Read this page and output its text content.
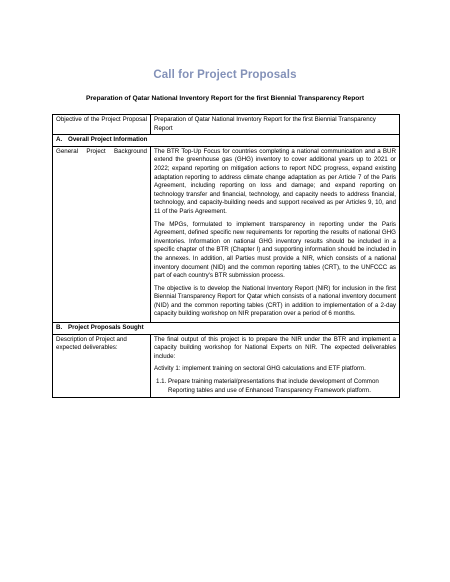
Call for Project Proposals
Preparation of Qatar National Inventory Report for the first Biennial Transparency Report
Objective of the Project Proposal	Preparation of Qatar National Inventory Report for the first Biennial Transparency Report

A. Overall Project Information	

General Project Background	The BTR Top-Up Focus for countries completing a national communication and a BUR extend the greenhouse gas (GHG) inventory to cover additional years up to 2021 or 2022; expand reporting on mitigation actions to report NDC progress, expand existing adaptation reporting to address climate change adaptation as per Article 7 of the Paris Agreement, including reporting on loss and damage; and expand reporting on technology transfer and financial, technology, and capacity needs to address financial, technology, and capacity-building needs and support received as per Articles 9, 10, and 11 of the Paris Agreement.

The MPGs, formulated to implement transparency in reporting under the Paris Agreement, defined specific new requirements for reporting the results of national GHG inventories. Information on national GHG inventory results should be included in a specific chapter of the BTR (Chapter I) and supporting information should be included in the annexes. In addition, all Parties must provide a NIR, which consists of a national inventory document (NID) and the common reporting tables (CRT), to the UNFCCC as part of each country's BTR submission process.

The objective is to develop the National Inventory Report (NIR) for inclusion in the first Biennial Transparency Report for Qatar which consists of a national inventory document (NID) and the common reporting tables (CRT) in addition to implementation of a 2-day capacity building workshop on NIR preparation over a period of 6 months.

B. Project Proposals Sought	

Description of Project and expected deliverables:	The final output of this project is to prepare the NIR under the BTR and implement a capacity building workshop for National Experts on NIR. The expected deliverables include:

Activity 1: implement training on sectoral GHG calculations and ETF platform.

1.1. Prepare training material/presentations that include development of Common Reporting tables and use of Enhanced Transparency Framework platform.
